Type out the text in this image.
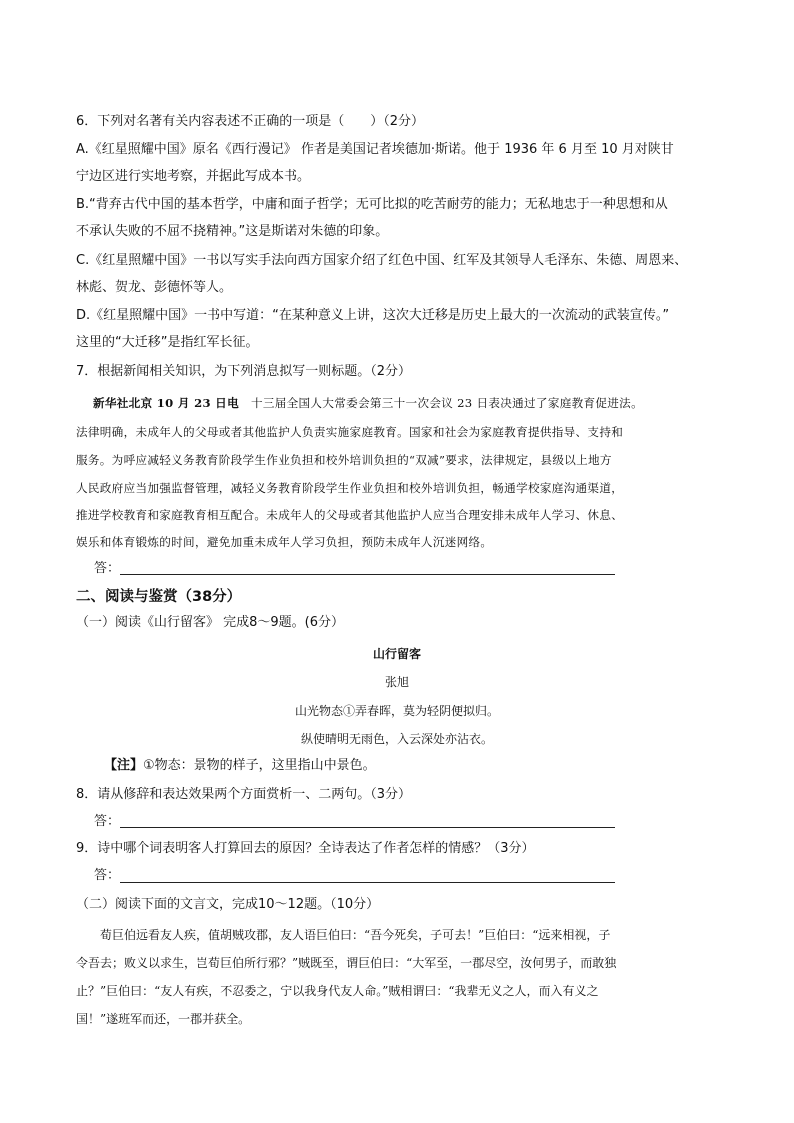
6．下列对名著有关内容表述不正确的一项是（　　）（2分）
A.《红星照耀中国》原名《西行漫记》 作者是美国记者埃德加·斯诺。他于 1936 年 6 月至 10 月对陕甘
宁边区进行实地考察，并据此写成本书。
B.“背弃古代中国的基本哲学，中庸和面子哲学；无可比拟的吃苦耐劳的能力；无私地忠于一种思想和从
不承认失败的不屈不挠精神。”这是斯诺对朱德的印象。
C.《红星照耀中国》一书以写实手法向西方国家介绍了红色中国、红军及其领导人毛泽东、朱德、周恩来、
林彪、贺龙、彭德怀等人。
D.《红星照耀中国》一书中写道：“在某种意义上讲，这次大迁移是历史上最大的一次流动的武装宣传。”
这里的“大迁移”是指红军长征。
7．根据新闻相关知识，为下列消息拟写一则标题。（2分）
新华社北京 10 月 23 日电 十三届全国人大常委会第三十一次会议 23 日表决通过了家庭教育促进法。
法律明确，未成年人的父母或者其他监护人负责实施家庭教育。国家和社会为家庭教育提供指导、支持和
服务。为呼应减轻义务教育阶段学生作业负担和校外培训负担的“双减”要求，法律规定，县级以上地方
人民政府应当加强监督管理，减轻义务教育阶段学生作业负担和校外培训负担，畅通学校家庭沟通渠道，
推进学校教育和家庭教育相互配合。未成年人的父母或者其他监护人应当合理安排未成年人学习、休息、
娱乐和体育锻炼的时间，避免加重未成年人学习负担，预防未成年人沉迷网络。
答：
二、阅读与鉴赏（38分）
（一）阅读《山行留客》 完成8～9题。(6分）
山行留客
张旭
山光物态①弄春晖，莫为轻阴便拟归。
纵使晴明无雨色，入云深处亦沾衣。
【注】①物态：景物的样子，这里指山中景色。
8．请从修辞和表达效果两个方面赏析一、二两句。（3分）
答：
9．诗中哪个词表明客人打算回去的原因？全诗表达了作者怎样的情感？（3分）
答：
（二）阅读下面的文言文，完成10～12题。（10分）
荀巨伯远看友人疾，值胡贼攻郡，友人语巨伯曰：“吾今死矣，子可去！”巨伯曰：“远来相视，子
令吾去；败义以求生，岂荀巨伯所行邪？”贼既至，谓巨伯曰：“大军至，一郡尽空，汝何男子，而敢独
止？”巨伯曰：“友人有疾，不忍委之，宁以我身代友人命。”贼相谓曰：“我辈无义之人，而入有义之
国！”遂班军而还，一郡并获全。
